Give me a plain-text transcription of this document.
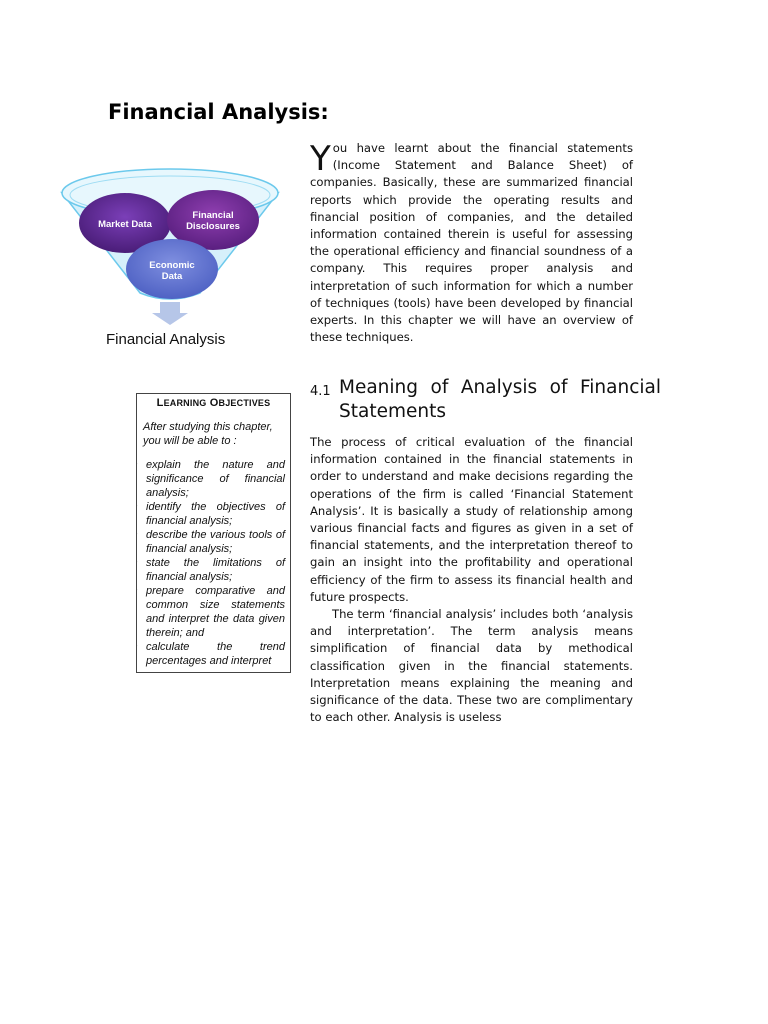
Financial Analysis:
Market Data
Financial
Disclosures
Economic
Data
Financial Analysis
You have learnt about the financial statements (Income Statement and Balance Sheet) of companies. Basically, these are summarized financial reports which provide the operating results and financial position of companies, and the detailed information contained therein is useful for assessing the operational efficiency and financial soundness of a company. This requires proper analysis and interpretation of such information for which a number of techniques (tools) have been developed by financial experts. In this chapter we will have an overview of these techniques.
4.1 Meaning of Analysis of Financial Statements

The process of critical evaluation of the financial information contained in the financial statements in order to understand and make decisions regarding the operations of the firm is called ‘Financial Statement Analysis’. It is basically a study of relationship among various financial facts and figures as given in a set of financial statements, and the interpretation thereof to gain an insight into the profitability and operational efficiency of the firm to assess its financial health and future prospects.

The term ‘financial analysis’ includes both ‘analysis and interpretation’. The term analysis means simplification of financial data by methodical classification given in the financial statements. Interpretation means explaining the meaning and significance of the data. These two are complimentary to each other. Analysis is useless

LEARNING OBJECTIVES
After studying this chapter, you will be able to :
• explain the nature and significance of financial analysis;
• identify the objectives of financial analysis;
• describe the various tools of financial analysis;
• state the limitations of financial analysis;
• prepare comparative and common size statements and interpret the data given therein; and
• calculate the trend percentages and interpret
